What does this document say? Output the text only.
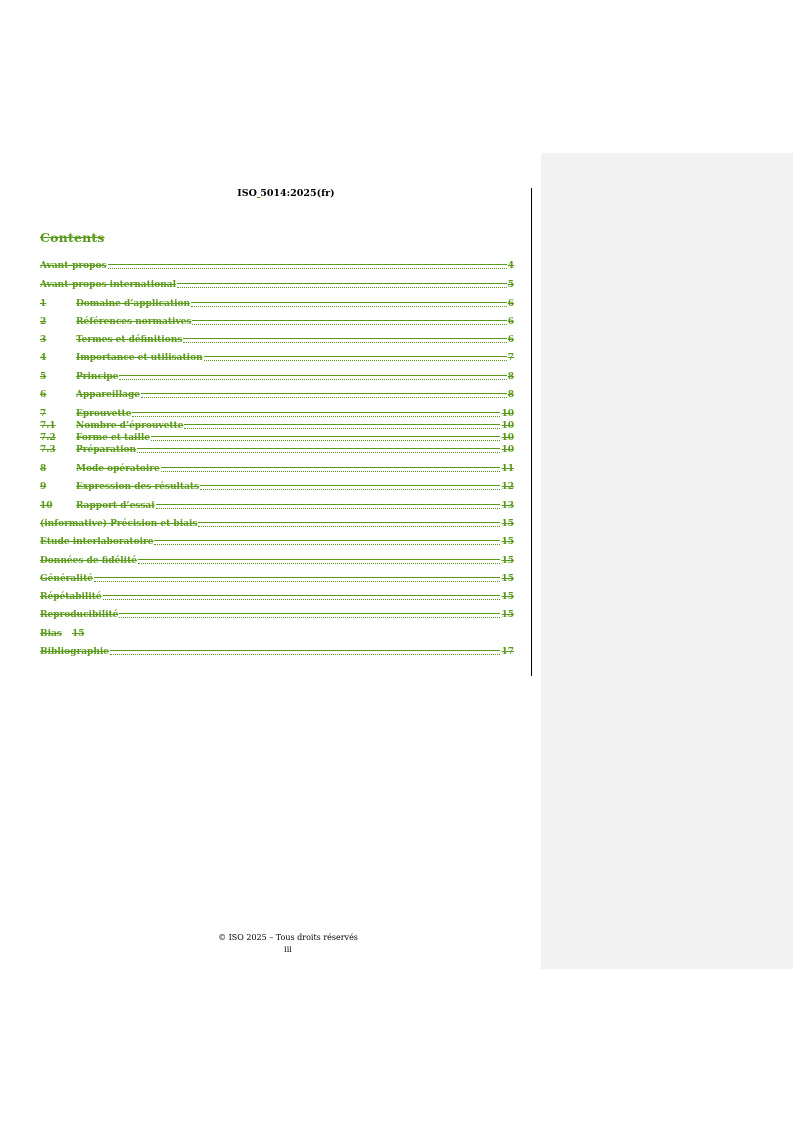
ISO 5014:2025(fr)
Contents
Avant-propos	4
Avant-propos international	5
1	Domaine d’application	6
2	Références normatives	6
3	Termes et définitions	6
4	Importance et utilisation	7
5	Principe	8
6	Appareillage	8
7	Eprouvette	10
7.1	Nombre d’éprouvette	10
7.2	Forme et taille	10
7.3	Préparation	10
8	Mode opératoire	11
9	Expression des résultats	12
10	Rapport d’essai	13
(informative) Précision et biais	15
Etude interlaboratoire	15
Données de fidélité	15
Généralité	15
Répétabilité	15
Reproducibilité	15
Bias 15
Bibliographie	17
© ISO 2025 – Tous droits réservés
iii
